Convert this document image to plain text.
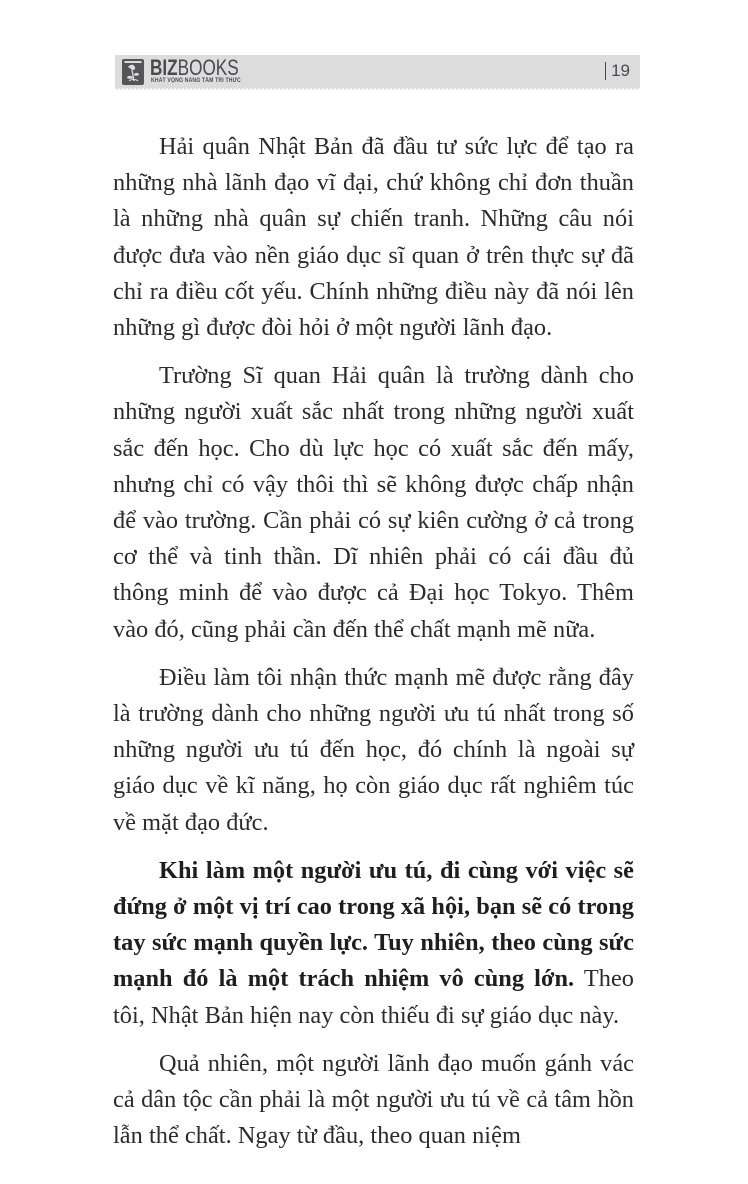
BIZBOOKS
KHÁT VỌNG NÂNG TẦM TRI THỨC
19

Hải quân Nhật Bản đã đầu tư sức lực để tạo ra những nhà lãnh đạo vĩ đại, chứ không chỉ đơn thuần là những nhà quân sự chiến tranh. Những câu nói được đưa vào nền giáo dục sĩ quan ở trên thực sự đã chỉ ra điều cốt yếu. Chính những điều này đã nói lên những gì được đòi hỏi ở một người lãnh đạo.

Trường Sĩ quan Hải quân là trường dành cho những người xuất sắc nhất trong những người xuất sắc đến học. Cho dù lực học có xuất sắc đến mấy, nhưng chỉ có vậy thôi thì sẽ không được chấp nhận để vào trường. Cần phải có sự kiên cường ở cả trong cơ thể và tinh thần. Dĩ nhiên phải có cái đầu đủ thông minh để vào được cả Đại học Tokyo. Thêm vào đó, cũng phải cần đến thể chất mạnh mẽ nữa.

Điều làm tôi nhận thức mạnh mẽ được rằng đây là trường dành cho những người ưu tú nhất trong số những người ưu tú đến học, đó chính là ngoài sự giáo dục về kĩ năng, họ còn giáo dục rất nghiêm túc về mặt đạo đức.

Khi làm một người ưu tú, đi cùng với việc sẽ đứng ở một vị trí cao trong xã hội, bạn sẽ có trong tay sức mạnh quyền lực. Tuy nhiên, theo cùng sức mạnh đó là một trách nhiệm vô cùng lớn. Theo tôi, Nhật Bản hiện nay còn thiếu đi sự giáo dục này.

Quả nhiên, một người lãnh đạo muốn gánh vác cả dân tộc cần phải là một người ưu tú về cả tâm hồn lẫn thể chất. Ngay từ đầu, theo quan niệm
